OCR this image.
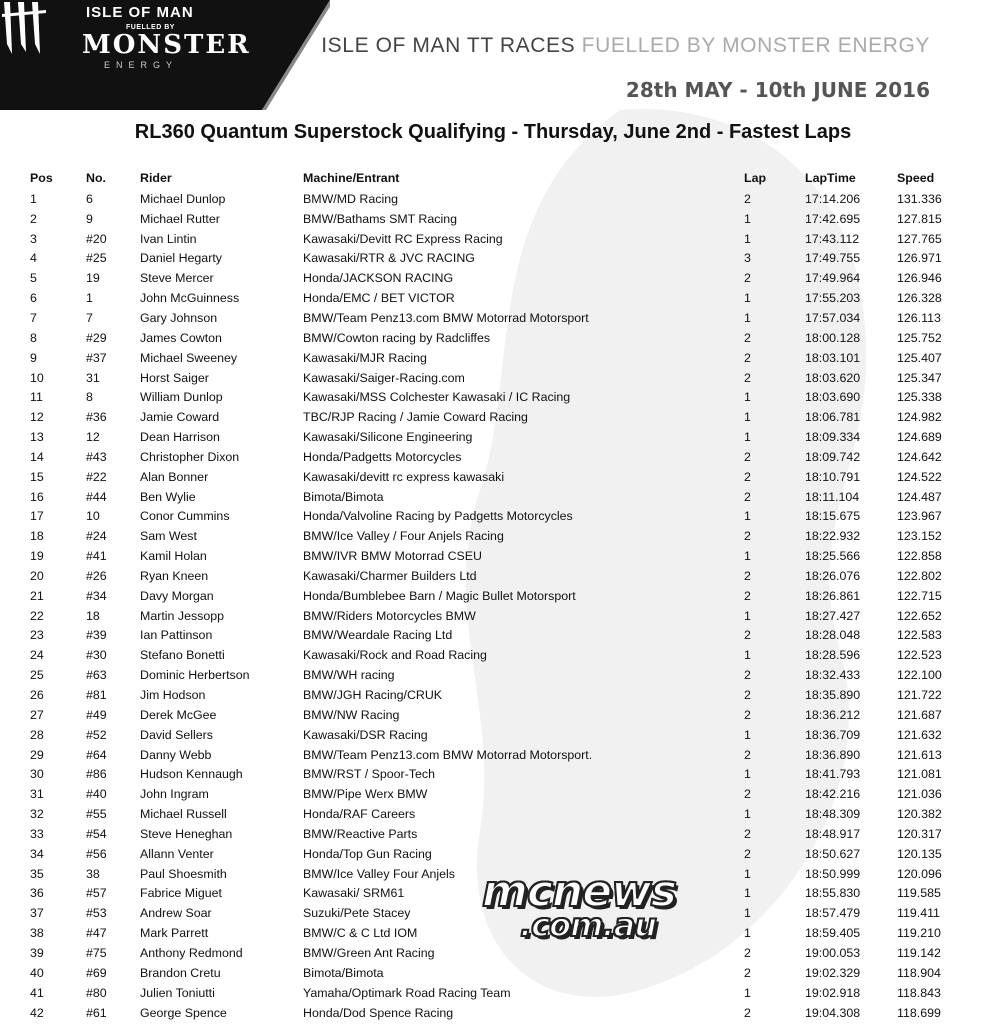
ISLE OF MAN
FUELLED BY
MONSTER
ENERGY
ISLE OF MAN TT RACES FUELLED BY MONSTER ENERGY
28th MAY - 10th JUNE 2016
RL360 Quantum Superstock Qualifying - Thursday, June 2nd - Fastest Laps
Pos	No.	Rider	Machine/Entrant	Lap	LapTime	Speed
1	6	Michael Dunlop	BMW/MD Racing	2	17:14.206	131.336
2	9	Michael Rutter	BMW/Bathams SMT Racing	1	17:42.695	127.815
3	#20	Ivan Lintin	Kawasaki/Devitt RC Express Racing	1	17:43.112	127.765
4	#25	Daniel Hegarty	Kawasaki/RTR & JVC RACING	3	17:49.755	126.971
5	19	Steve Mercer	Honda/JACKSON RACING	2	17:49.964	126.946
6	1	John McGuinness	Honda/EMC / BET VICTOR	1	17:55.203	126.328
7	7	Gary Johnson	BMW/Team Penz13.com BMW Motorrad Motorsport	1	17:57.034	126.113
8	#29	James Cowton	BMW/Cowton racing by Radcliffes	2	18:00.128	125.752
9	#37	Michael Sweeney	Kawasaki/MJR Racing	2	18:03.101	125.407
10	31	Horst Saiger	Kawasaki/Saiger-Racing.com	2	18:03.620	125.347
11	8	William Dunlop	Kawasaki/MSS Colchester Kawasaki / IC Racing	1	18:03.690	125.338
12	#36	Jamie Coward	TBC/RJP Racing / Jamie Coward Racing	1	18:06.781	124.982
13	12	Dean Harrison	Kawasaki/Silicone Engineering	1	18:09.334	124.689
14	#43	Christopher Dixon	Honda/Padgetts Motorcycles	2	18:09.742	124.642
15	#22	Alan Bonner	Kawasaki/devitt rc express kawasaki	2	18:10.791	124.522
16	#44	Ben Wylie	Bimota/Bimota	2	18:11.104	124.487
17	10	Conor Cummins	Honda/Valvoline Racing by Padgetts Motorcycles	1	18:15.675	123.967
18	#24	Sam West	BMW/Ice Valley / Four Anjels Racing	2	18:22.932	123.152
19	#41	Kamil Holan	BMW/IVR BMW Motorrad CSEU	1	18:25.566	122.858
20	#26	Ryan Kneen	Kawasaki/Charmer Builders Ltd	2	18:26.076	122.802
21	#34	Davy Morgan	Honda/Bumblebee Barn / Magic Bullet Motorsport	2	18:26.861	122.715
22	18	Martin Jessopp	BMW/Riders Motorcycles BMW	1	18:27.427	122.652
23	#39	Ian Pattinson	BMW/Weardale Racing Ltd	2	18:28.048	122.583
24	#30	Stefano Bonetti	Kawasaki/Rock and Road Racing	1	18:28.596	122.523
25	#63	Dominic Herbertson	BMW/WH racing	2	18:32.433	122.100
26	#81	Jim Hodson	BMW/JGH Racing/CRUK	2	18:35.890	121.722
27	#49	Derek McGee	BMW/NW Racing	2	18:36.212	121.687
28	#52	David Sellers	Kawasaki/DSR Racing	1	18:36.709	121.632
29	#64	Danny Webb	BMW/Team Penz13.com BMW Motorrad Motorsport.	2	18:36.890	121.613
30	#86	Hudson Kennaugh	BMW/RST / Spoor-Tech	1	18:41.793	121.081
31	#40	John Ingram	BMW/Pipe Werx BMW	2	18:42.216	121.036
32	#55	Michael Russell	Honda/RAF Careers	1	18:48.309	120.382
33	#54	Steve Heneghan	BMW/Reactive Parts	2	18:48.917	120.317
34	#56	Allann Venter	Honda/Top Gun Racing	2	18:50.627	120.135
35	38	Paul Shoesmith	BMW/Ice Valley Four Anjels	1	18:50.999	120.096
36	#57	Fabrice Miguet	Kawasaki/ SRM61	1	18:55.830	119.585
37	#53	Andrew Soar	Suzuki/Pete Stacey	1	18:57.479	119.411
38	#47	Mark Parrett	BMW/C & C Ltd IOM	1	18:59.405	119.210
39	#75	Anthony Redmond	BMW/Green Ant Racing	2	19:00.053	119.142
40	#69	Brandon Cretu	Bimota/Bimota	2	19:02.329	118.904
41	#80	Julien Toniutti	Yamaha/Optimark Road Racing Team	1	19:02.918	118.843
42	#61	George Spence	Honda/Dod Spence Racing	2	19:04.308	118.699
mcnews
.com.au
